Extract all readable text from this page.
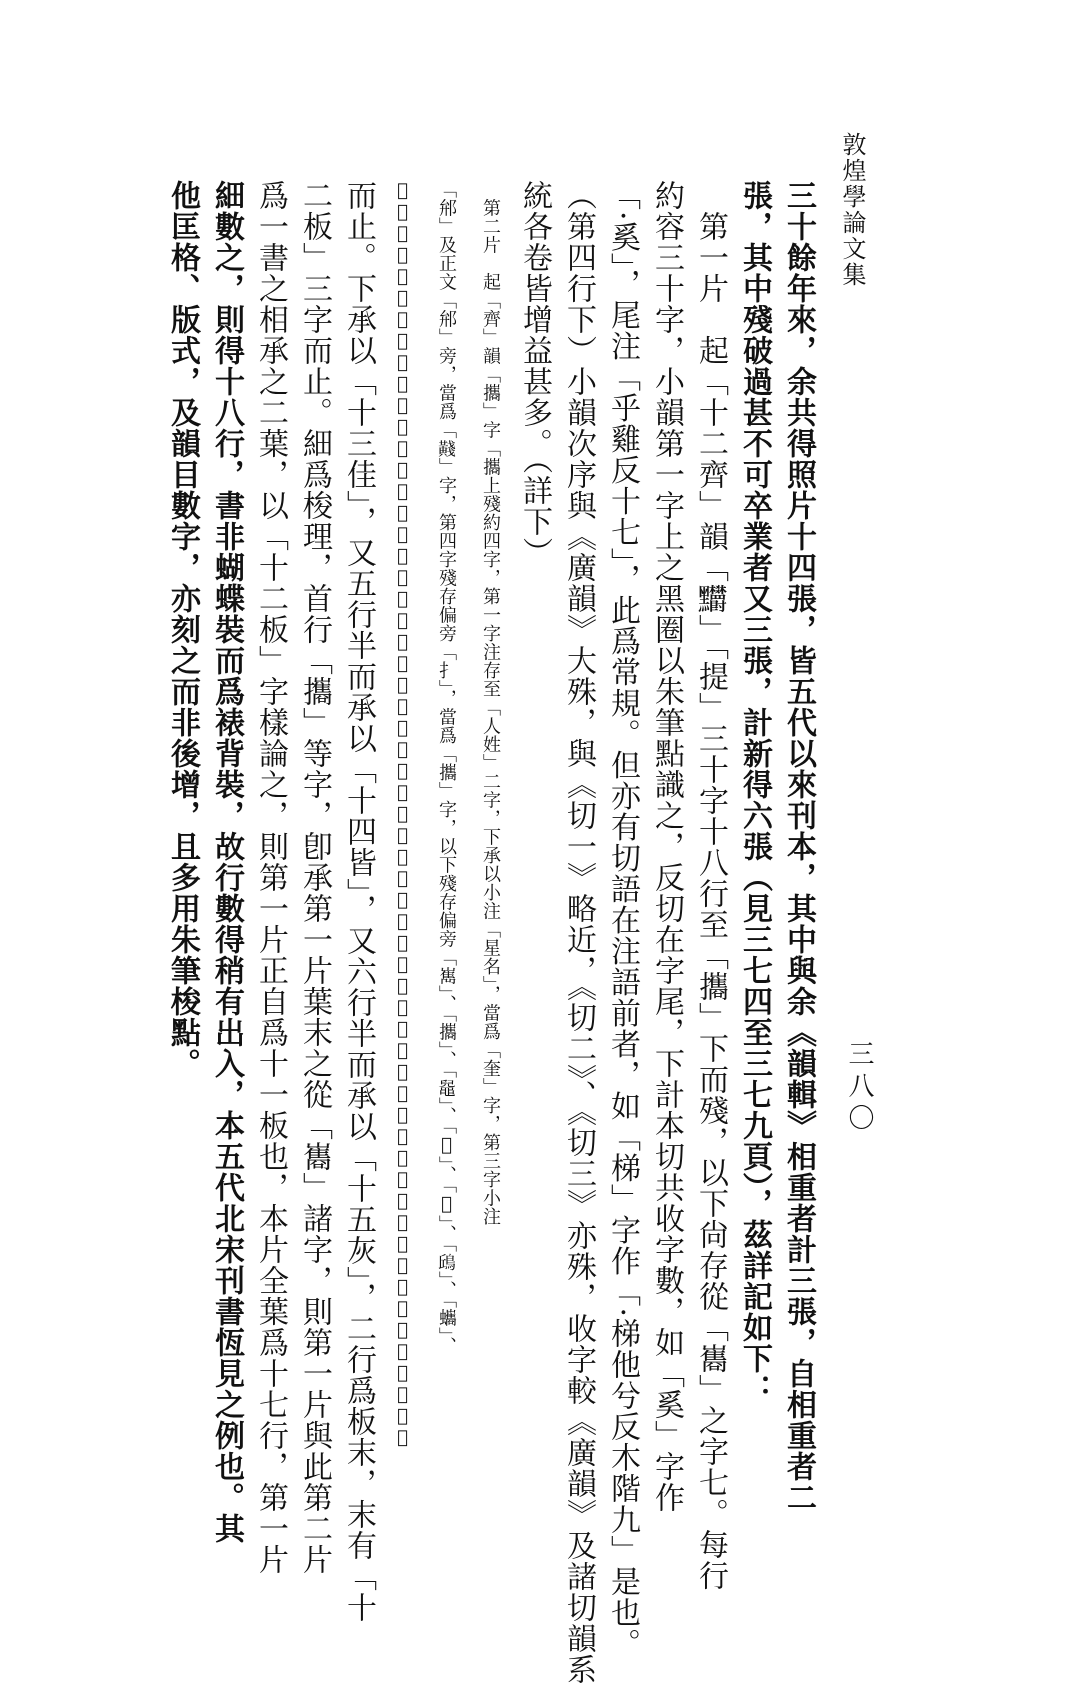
敦煌學論文集
三八〇
三十餘年來，余共得照片十四張，皆五代以來刊本，其中與余《韻輯》相重者計三張，自相重者二
張，其中殘破過甚不可卒業者又三張，計新得六張（見三七四至三七九頁），茲詳記如下：
　第一片　起「十二齊」韻「𪓉」「提」三十字十八行至「攜」下而殘，以下尙存從「巂」之字七。每行
約容三十字，小韻第一字上之黑圈以朱筆點識之，反切在字尾，下計本切共收字數，如「奚」字作
「·奚」，尾注「乎雞反十七」，此爲常規。但亦有切語在注語前者，如「梯」字作「·梯他兮反木階九」是也。
（第四行下）小韻次序與《廣韻》大殊，與《切一》略近，《切二》、《切三》亦殊，收字較《廣韻》及諸切韻系
統各卷皆增益甚多。（詳下）
　第二片　起「齊」韻「攜」字「攜上殘約四字，第一字注存至「人姓」二字，下承以小注「星名」，當爲「奎」字，第三字小注
「𨚕」及正文「𨚕」旁，當爲「𪏊」字，第四字殘存偏旁「扌」，當爲「攜」字，以下殘存偏旁「嶲」、「攜」、「𪓬」、「𡾺」、「𣢸」、「𩿨」、「蠵」、
「𤋶」、「金」、「錐」、「𢤲」、「心」、「䮰」等形。又二行存「烓烏圭反二」、「鑵五圭反二」及「祇巨兮反一」、「䁢人兮反
而止。下承以「十三佳」，又五行半而承以「十四皆」，又六行半而承以「十五灰」，二行爲板末，末有「十
二板」三字而止。細爲梭理，首行「攜」等字，卽承第一片葉末之從「巂」諸字，則第一片與此第二片
爲一書之相承之二葉，以「十二板」字樣論之，則第一片正自爲十一板也，本片全葉爲十七行，第一片
細數之，則得十八行，書非蝴蝶裝而爲裱背裝，故行數得稍有出入，本五代北宋刊書恆見之例也。其
他匡格、版式，及韻目數字，亦刻之而非後增，且多用朱筆梭點。
